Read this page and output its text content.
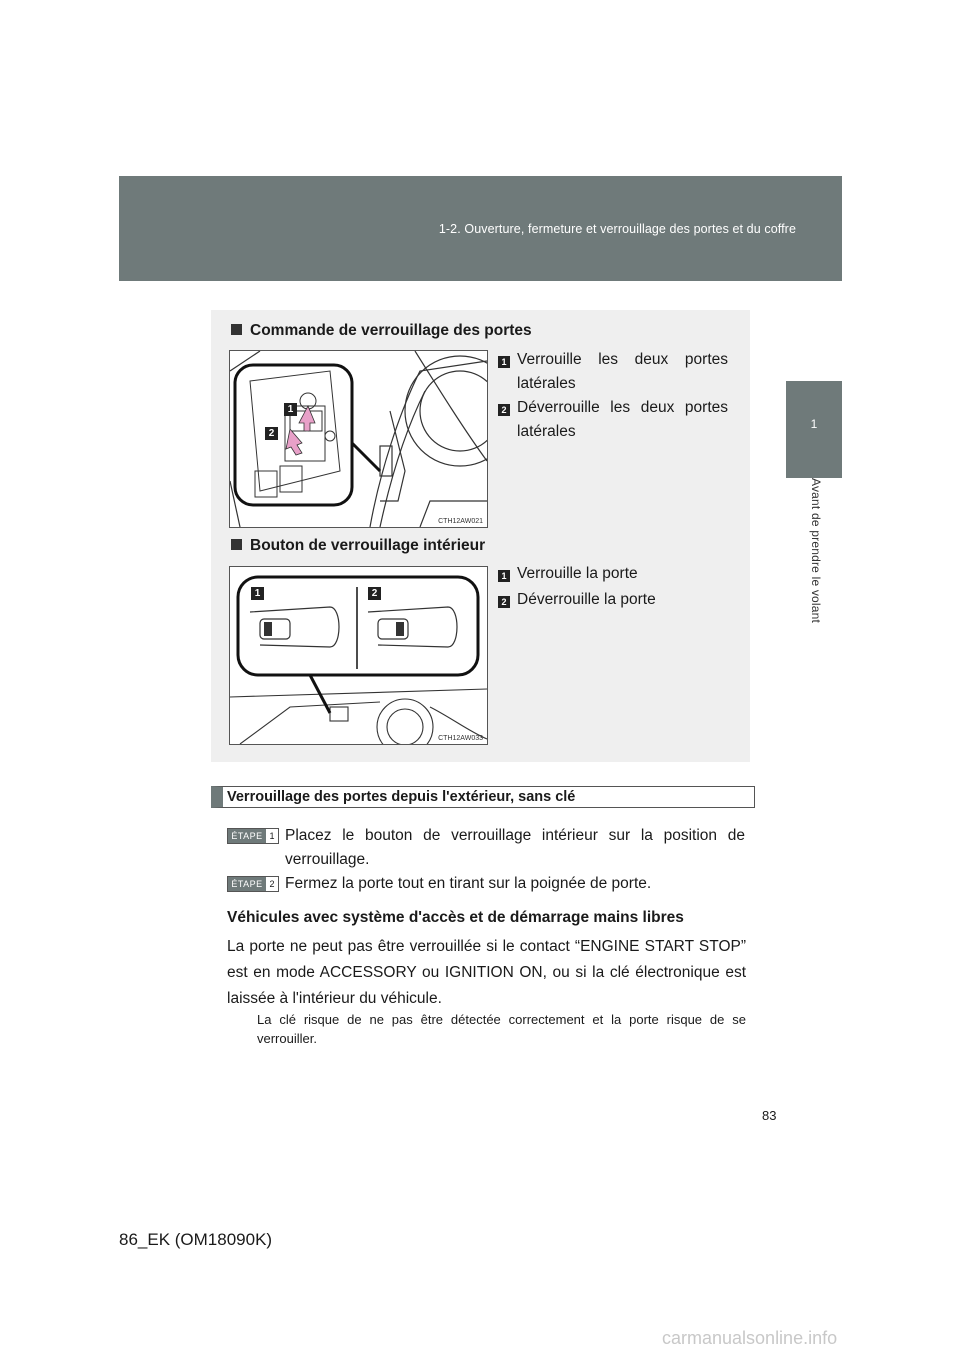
1-2. Ouverture, fermeture et verrouillage des portes et du coffre
1
Avant de prendre le volant
Commande de verrouillage des portes
1
2
CTH12AW021
1 Verrouille les deux portes latérales
2 Déverrouille les deux portes latérales
Bouton de verrouillage intérieur
1	2
CTH12AW033
1 Verrouille la porte
2 Déverrouille la porte
Verrouillage des portes depuis l'extérieur, sans clé
ÉTAPE 1 Placez le bouton de verrouillage intérieur sur la position de verrouillage.
ÉTAPE 2 Fermez la porte tout en tirant sur la poignée de porte.
Véhicules avec système d'accès et de démarrage mains libres
La porte ne peut pas être verrouillée si le contact “ENGINE START STOP” est en mode ACCESSORY ou IGNITION ON, ou si la clé électronique est laissée à l'intérieur du véhicule.
La clé risque de ne pas être détectée correctement et la porte risque de se verrouiller.
83
86_EK (OM18090K)
carmanualsonline.info
